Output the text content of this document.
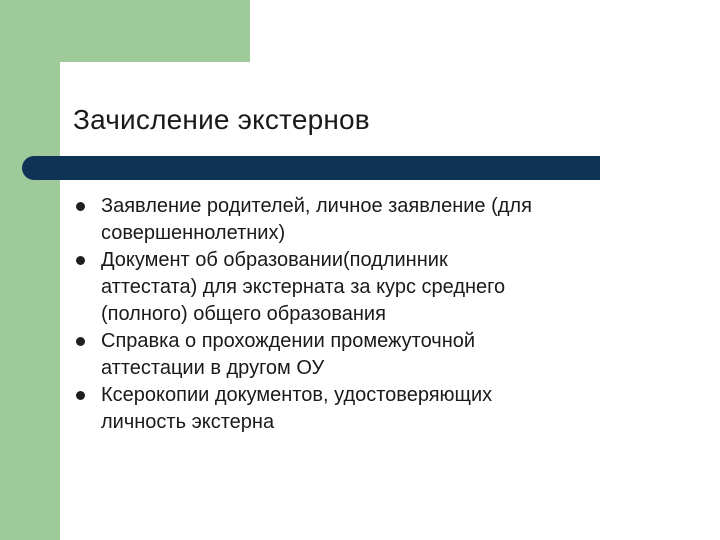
Зачисление экстернов
Заявление родителей, личное заявление (для
совершеннолетних)
Документ об образовании(подлинник
аттестата) для экстерната за курс среднего
(полного) общего образования
Справка о прохождении промежуточной
аттестации в другом ОУ
Ксерокопии документов, удостоверяющих
личность экстерна
